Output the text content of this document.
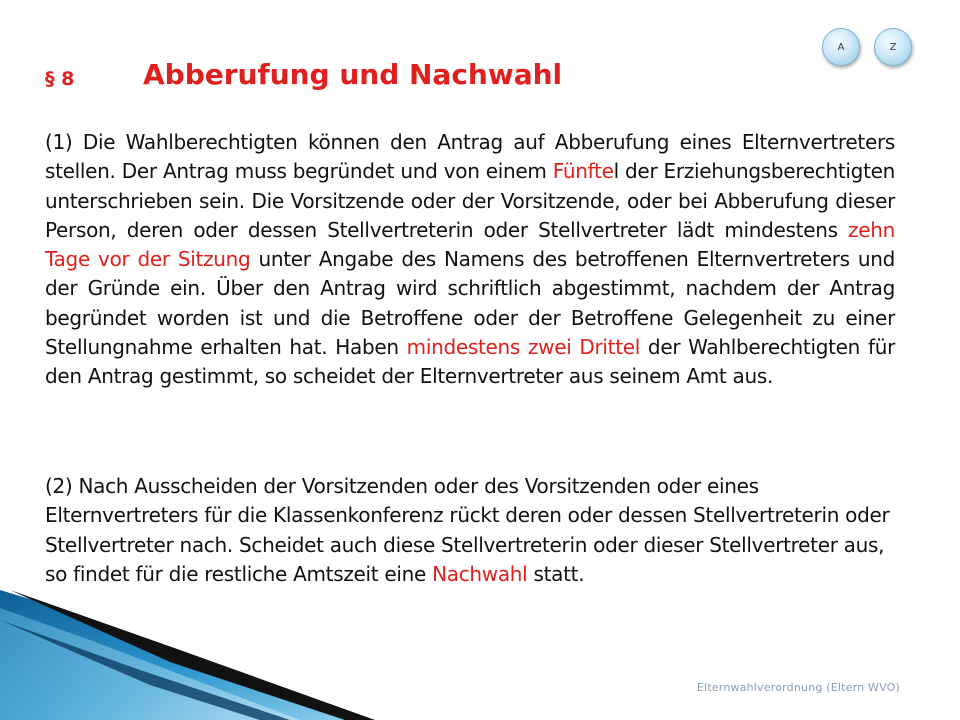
A	Z
§ 8 Abberufung und Nachwahl
(1) Die Wahlberechtigten können den Antrag auf Abberufung eines Elternvertreters stellen. Der Antrag muss begründet und von einem Fünftel der Erziehungsberechtigten unterschrieben sein. Die Vorsitzende oder der Vorsitzende, oder bei Abberufung dieser Person, deren oder dessen Stellvertreterin oder Stellvertreter lädt mindestens zehn Tage vor der Sitzung unter Angabe des Namens des betroffenen Elternvertreters und der Gründe ein. Über den Antrag wird schriftlich abgestimmt, nachdem der Antrag begründet worden ist und die Betroffene oder der Betroffene Gelegenheit zu einer Stellungnahme erhalten hat. Haben mindestens zwei Drittel der Wahlberechtigten für den Antrag gestimmt, so scheidet der Elternvertreter aus seinem Amt aus.
(2) Nach Ausscheiden der Vorsitzenden oder des Vorsitzenden oder eines Elternvertreters für die Klassenkonferenz rückt deren oder dessen Stellvertreterin oder Stellvertreter nach. Scheidet auch diese Stellvertreterin oder dieser Stellvertreter aus, so findet für die restliche Amtszeit eine Nachwahl statt.
Elternwahlverordnung (Eltern WVO)
